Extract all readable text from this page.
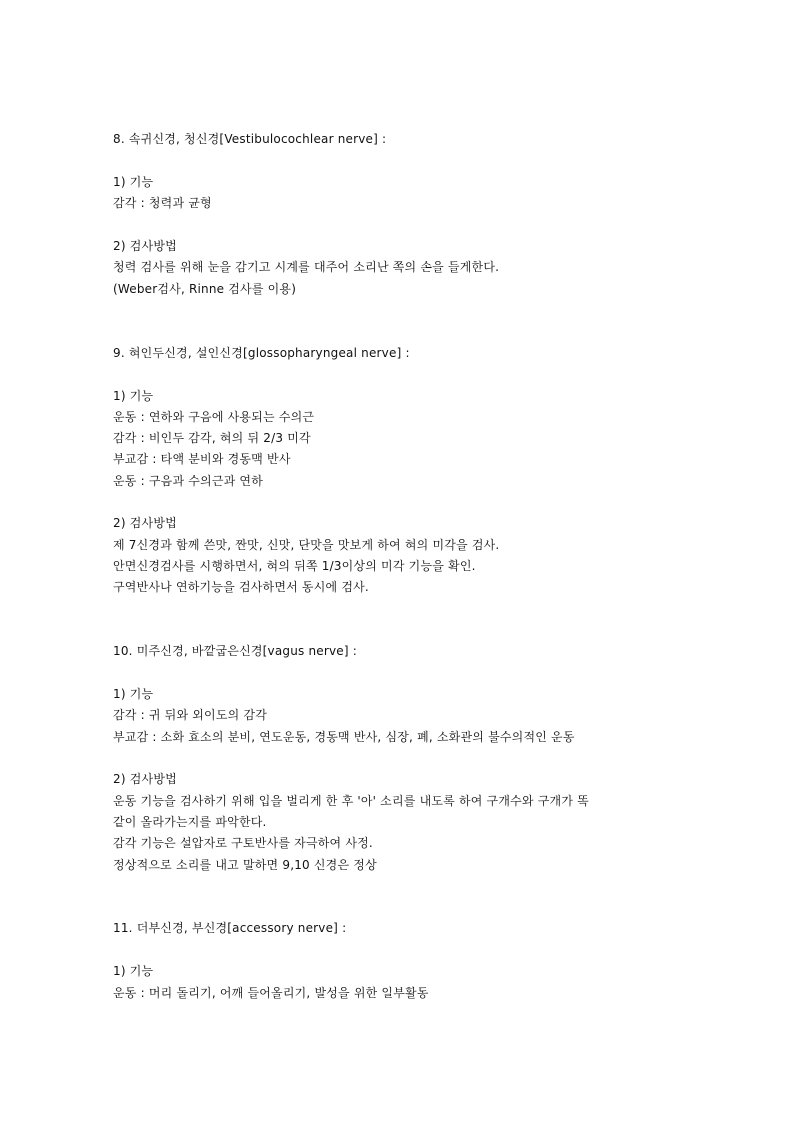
8. 속귀신경, 청신경[Vestibulocochlear nerve] :
1) 기능
감각 : 청력과 균형
2) 검사방법
청력 검사를 위해 눈을 감기고 시계를 대주어 소리난 쪽의 손을 들게한다.
(Weber검사, Rinne 검사를 이용)
9. 혀인두신경, 설인신경[glossopharyngeal nerve] :
1) 기능
운동 : 연하와 구음에 사용되는 수의근
감각 : 비인두 감각, 혀의 뒤 2/3 미각
부교감 : 타액 분비와 경동맥 반사
운동 : 구음과 수의근과 연하
2) 검사방법
제 7신경과 함께 쓴맛, 짠맛, 신맛, 단맛을 맛보게 하여 혀의 미각을 검사.
안면신경검사를 시행하면서, 혀의 뒤쪽 1/3이상의 미각 기능을 확인.
구역반사나 연하기능을 검사하면서 동시에 검사.
10. 미주신경, 바깥굽은신경[vagus nerve] :
1) 기능
감각 : 귀 뒤와 외이도의 감각
부교감 : 소화 효소의 분비, 연도운동, 경동맥 반사, 심장, 폐, 소화관의 불수의적인 운동
2) 검사방법
운동 기능을 검사하기 위해 입을 벌리게 한 후 '아' 소리를 내도록 하여 구개수와 구개가 똑
같이 올라가는지를 파악한다.
감각 기능은 설압자로 구토반사를 자극하여 사정.
정상적으로 소리를 내고 말하면 9,10 신경은 정상
11. 더부신경, 부신경[accessory nerve] :
1) 기능
운동 : 머리 돌리기, 어깨 들어올리기, 발성을 위한 일부활동
